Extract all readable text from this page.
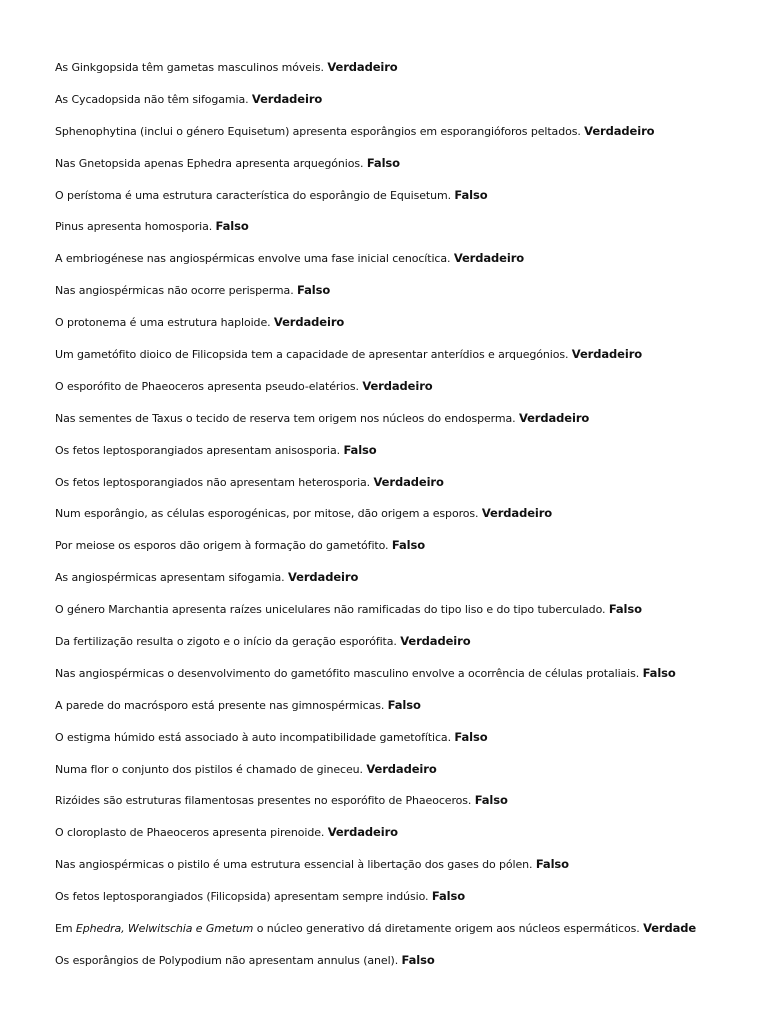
As Ginkgopsida têm gametas masculinos móveis. Verdadeiro
As Cycadopsida não têm sifogamia. Verdadeiro
Sphenophytina (inclui o género Equisetum) apresenta esporângios em esporangióforos peltados. Verdadeiro
Nas Gnetopsida apenas Ephedra apresenta arquegónios. Falso
O perístoma é uma estrutura característica do esporângio de Equisetum. Falso
Pinus apresenta homosporia. Falso
A embriogénese nas angiospérmicas envolve uma fase inicial cenocítica. Verdadeiro
Nas angiospérmicas não ocorre perisperma. Falso
O protonema é uma estrutura haploide. Verdadeiro
Um gametófito dioico de Filicopsida tem a capacidade de apresentar anterídios e arquegónios. Verdadeiro
O esporófito de Phaeoceros apresenta pseudo-elatérios. Verdadeiro
Nas sementes de Taxus o tecido de reserva tem origem nos núcleos do endosperma. Verdadeiro
Os fetos leptosporangiados apresentam anisosporia. Falso
Os fetos leptosporangiados não apresentam heterosporia. Verdadeiro
Num esporângio, as células esporogénicas, por mitose, dão origem a esporos. Verdadeiro
Por meiose os esporos dão origem à formação do gametófito. Falso
As angiospérmicas apresentam sifogamia. Verdadeiro
O género Marchantia apresenta raízes unicelulares não ramificadas do tipo liso e do tipo tuberculado. Falso
Da fertilização resulta o zigoto e o início da geração esporófita. Verdadeiro
Nas angiospérmicas o desenvolvimento do gametófito masculino envolve a ocorrência de células protaliais. Falso
A parede do macrósporo está presente nas gimnospérmicas. Falso
O estigma húmido está associado à auto incompatibilidade gametofítica. Falso
Numa flor o conjunto dos pistilos é chamado de gineceu. Verdadeiro
Rizóides são estruturas filamentosas presentes no esporófito de Phaeoceros. Falso
O cloroplasto de Phaeoceros apresenta pirenoide. Verdadeiro
Nas angiospérmicas o pistilo é uma estrutura essencial à libertação dos gases do pólen. Falso
Os fetos leptosporangiados (Filicopsida) apresentam sempre indúsio. Falso
Em Ephedra, Welwitschia e Gmetum o núcleo generativo dá diretamente origem aos núcleos espermáticos. Verdade
Os esporângios de Polypodium não apresentam annulus (anel). Falso
